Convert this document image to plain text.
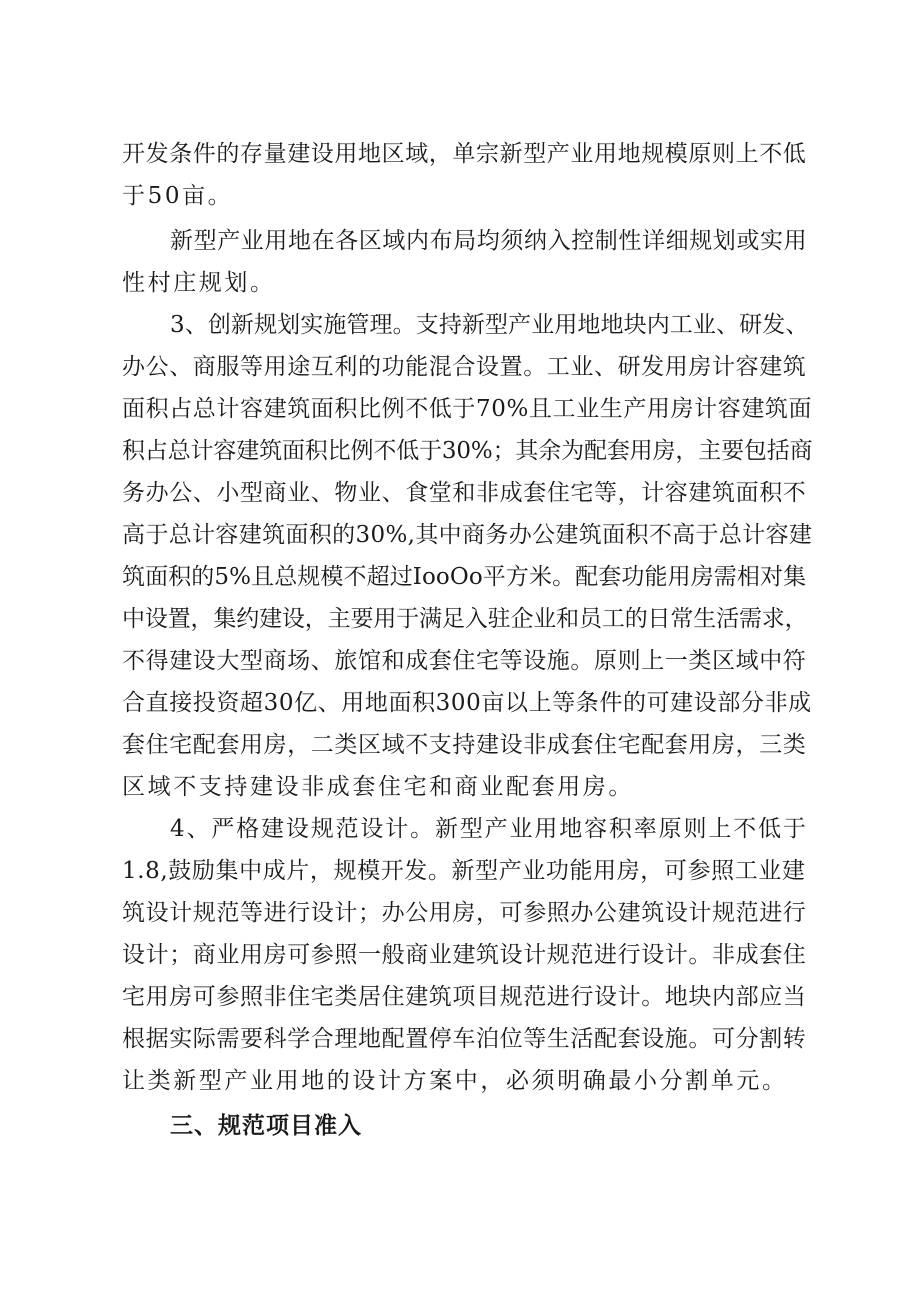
开发条件的存量建设用地区域，单宗新型产业用地规模原则上不低
于50亩。
新型产业用地在各区域内布局均须纳入控制性详细规划或实用
性村庄规划。
3、创新规划实施管理。支持新型产业用地地块内工业、研发、
办公、商服等用途互利的功能混合设置。工业、研发用房计容建筑
面积占总计容建筑面积比例不低于70%且工业生产用房计容建筑面
积占总计容建筑面积比例不低于30%；其余为配套用房，主要包括商
务办公、小型商业、物业、食堂和非成套住宅等，计容建筑面积不
高于总计容建筑面积的30%,其中商务办公建筑面积不高于总计容建
筑面积的5%且总规模不超过IooOo平方米。配套功能用房需相对集
中设置，集约建设，主要用于满足入驻企业和员工的日常生活需求，
不得建设大型商场、旅馆和成套住宅等设施。原则上一类区域中符
合直接投资超30亿、用地面积300亩以上等条件的可建设部分非成
套住宅配套用房，二类区域不支持建设非成套住宅配套用房，三类
区域不支持建设非成套住宅和商业配套用房。
4、严格建设规范设计。新型产业用地容积率原则上不低于
1.8,鼓励集中成片，规模开发。新型产业功能用房，可参照工业建
筑设计规范等进行设计；办公用房，可参照办公建筑设计规范进行
设计；商业用房可参照一般商业建筑设计规范进行设计。非成套住
宅用房可参照非住宅类居住建筑项目规范进行设计。地块内部应当
根据实际需要科学合理地配置停车泊位等生活配套设施。可分割转
让类新型产业用地的设计方案中，必须明确最小分割单元。
三、规范项目准入
